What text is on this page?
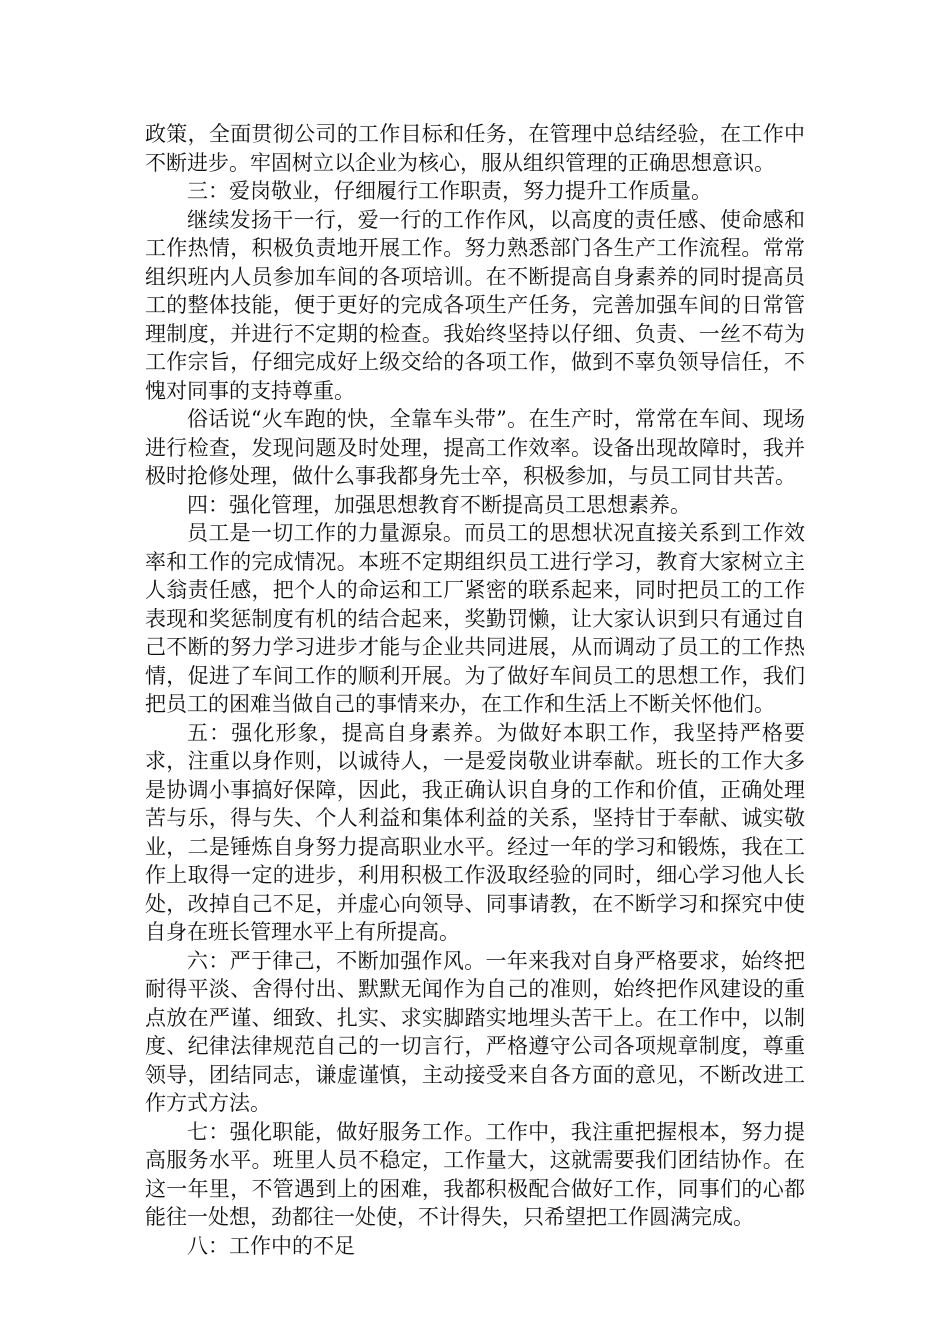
政策，全面贯彻公司的工作目标和任务，在管理中总结经验，在工作中不断进步。牢固树立以企业为核心，服从组织管理的正确思想意识。

三：爱岗敬业，仔细履行工作职责，努力提升工作质量。

继续发扬干一行，爱一行的工作作风，以高度的责任感、使命感和工作热情，积极负责地开展工作。努力熟悉部门各生产工作流程。常常组织班内人员参加车间的各项培训。在不断提高自身素养的同时提高员工的整体技能，便于更好的完成各项生产任务，完善加强车间的日常管理制度，并进行不定期的检查。我始终坚持以仔细、负责、一丝不苟为工作宗旨，仔细完成好上级交给的各项工作，做到不辜负领导信任，不愧对同事的支持尊重。

俗话说“火车跑的快，全靠车头带”。在生产时，常常在车间、现场进行检查，发现问题及时处理，提高工作效率。设备出现故障时，我并极时抢修处理，做什么事我都身先士卒，积极参加，与员工同甘共苦。

四：强化管理，加强思想教育不断提高员工思想素养。

员工是一切工作的力量源泉。而员工的思想状况直接关系到工作效率和工作的完成情况。本班不定期组织员工进行学习，教育大家树立主人翁责任感，把个人的命运和工厂紧密的联系起来，同时把员工的工作表现和奖惩制度有机的结合起来，奖勤罚懒，让大家认识到只有通过自己不断的努力学习进步才能与企业共同进展，从而调动了员工的工作热情，促进了车间工作的顺利开展。为了做好车间员工的思想工作，我们把员工的困难当做自己的事情来办，在工作和生活上不断关怀他们。

五：强化形象，提高自身素养。为做好本职工作，我坚持严格要求，注重以身作则，以诚待人，一是爱岗敬业讲奉献。班长的工作大多是协调小事搞好保障，因此，我正确认识自身的工作和价值，正确处理苦与乐，得与失、个人利益和集体利益的关系，坚持甘于奉献、诚实敬业，二是锤炼自身努力提高职业水平。经过一年的学习和锻炼，我在工作上取得一定的进步，利用积极工作汲取经验的同时，细心学习他人长处，改掉自己不足，并虚心向领导、同事请教，在不断学习和探究中使自身在班长管理水平上有所提高。

六：严于律己，不断加强作风。一年来我对自身严格要求，始终把耐得平淡、舍得付出、默默无闻作为自己的准则，始终把作风建设的重点放在严谨、细致、扎实、求实脚踏实地埋头苦干上。在工作中，以制度、纪律法律规范自己的一切言行，严格遵守公司各项规章制度，尊重领导，团结同志，谦虚谨慎，主动接受来自各方面的意见，不断改进工作方式方法。

七：强化职能，做好服务工作。工作中，我注重把握根本，努力提高服务水平。班里人员不稳定，工作量大，这就需要我们团结协作。在这一年里，不管遇到上的困难，我都积极配合做好工作，同事们的心都能往一处想，劲都往一处使，不计得失，只希望把工作圆满完成。

八：工作中的不足
